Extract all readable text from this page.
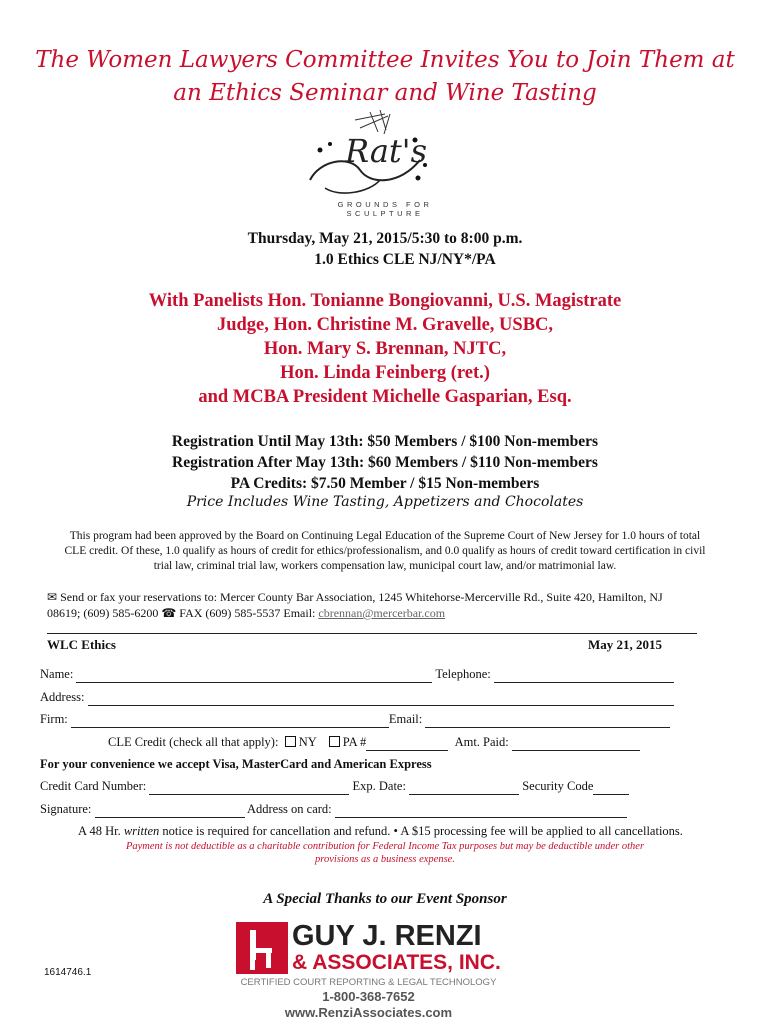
The Women Lawyers Committee Invites You to Join Them at
an Ethics Seminar and Wine Tasting
Rat's
GROUNDS FOR SCULPTURE
Thursday, May 21, 2015/5:30 to 8:00 p.m.
1.0 Ethics CLE NJ/NY*/PA
With Panelists Hon. Tonianne Bongiovanni, U.S. Magistrate
Judge, Hon. Christine M. Gravelle, USBC,
Hon. Mary S. Brennan, NJTC,
Hon. Linda Feinberg (ret.)
and MCBA President Michelle Gasparian, Esq.
Registration Until May 13th: $50 Members / $100 Non-members
Registration After May 13th: $60 Members / $110 Non-members
PA Credits: $7.50 Member / $15 Non-members
Price Includes Wine Tasting, Appetizers and Chocolates
This program had been approved by the Board on Continuing Legal Education of the Supreme Court of New Jersey for 1.0 hours of total
CLE credit. Of these, 1.0 qualify as hours of credit for ethics/professionalism, and 0.0 qualify as hours of credit toward certification in civil
trial law, criminal trial law, workers compensation law, municipal court law, and/or matrimonial law.
✉ Send or fax your reservations to: Mercer County Bar Association, 1245 Whitehorse-Mercerville Rd., Suite 420, Hamilton, NJ
08619; (609) 585-6200 ☎ FAX (609) 585-5537 Email: cbrennan@mercerbar.com
WLC Ethics	May 21, 2015
Name:	Telephone:
Address:
Firm:	Email:
CLE Credit (check all that apply): NY PA #	Amt. Paid:
For your convenience we accept Visa, MasterCard and American Express
Credit Card Number:	Exp. Date:	Security Code
Signature:	Address on card:
A 48 Hr. written notice is required for cancellation and refund. • A $15 processing fee will be applied to all cancellations.
Payment is not deductible as a charitable contribution for Federal Income Tax purposes but may be deductible under other
provisions as a business expense.
A Special Thanks to our Event Sponsor
GUY J. RENZI
& ASSOCIATES, INC.
CERTIFIED COURT REPORTING & LEGAL TECHNOLOGY
1-800-368-7652
www.RenziAssociates.com
1614746.1
